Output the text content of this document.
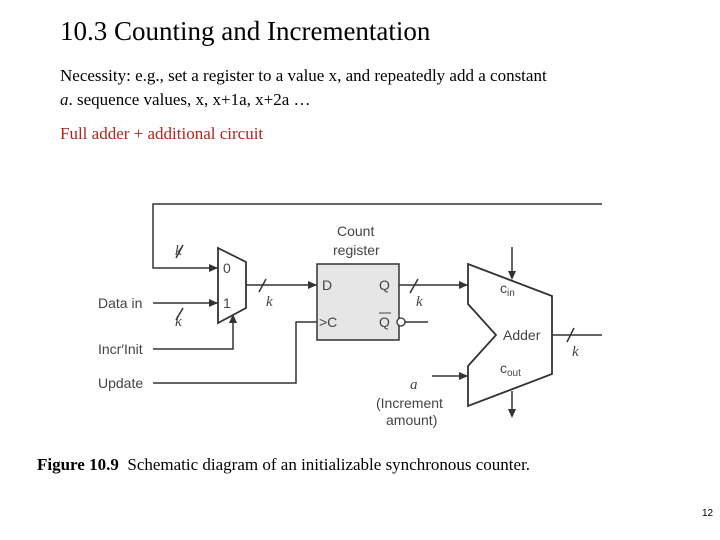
10.3 Counting and Incrementation
Necessity: e.g., set a register to a value x, and repeatedly add a constant
a. sequence values, x, x+1a, x+2a …
Full adder + additional circuit
Count
register
0
1
Data in
Incr′Init
Update
D	Q
>C	Q
Adder
$c_{in}$
$c_{out}$
k
k
k	k
k
a
(Increment
amount)
Figure 10.9 Schematic diagram of an initializable synchronous counter.
12
